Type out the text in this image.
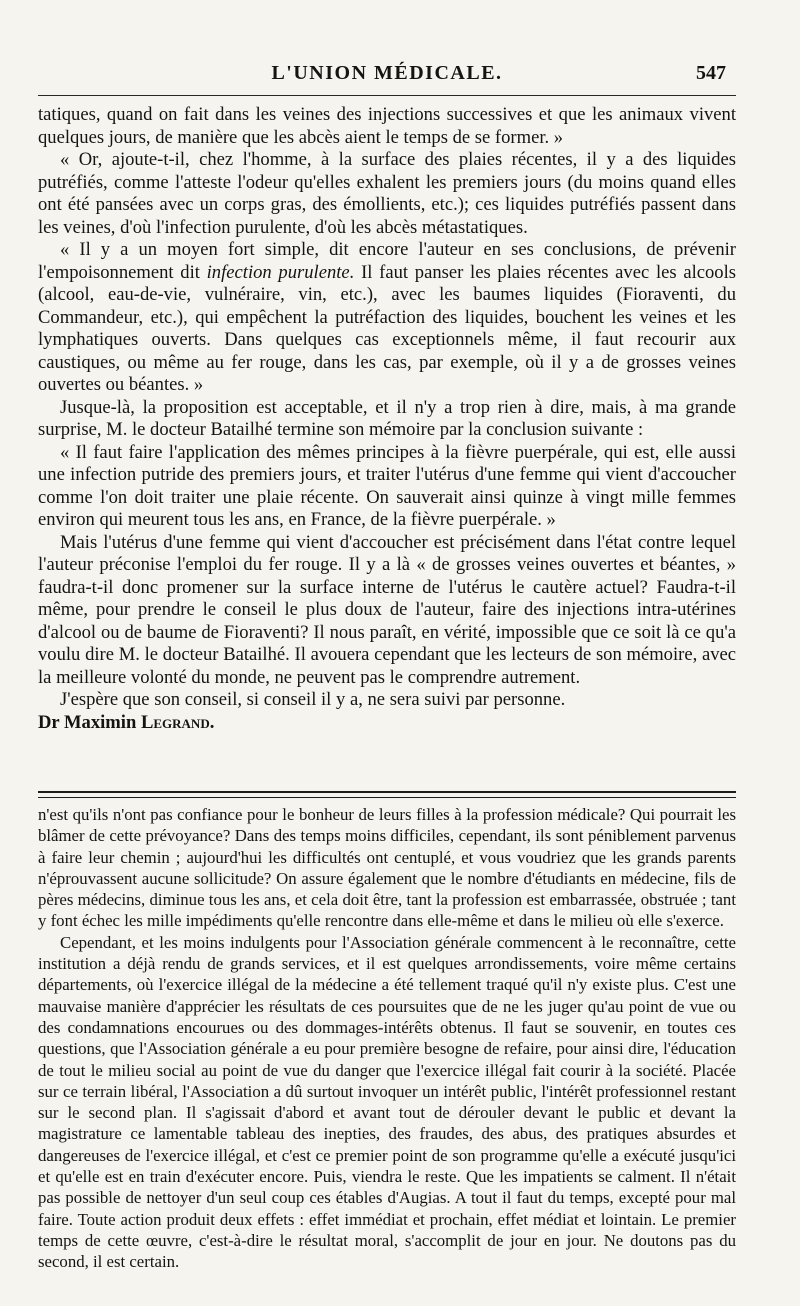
L'UNION MÉDICALE.	547

tatiques, quand on fait dans les veines des injections successives et que les animaux vivent quelques jours, de manière que les abcès aient le temps de se former. »

« Or, ajoute-t-il, chez l'homme, à la surface des plaies récentes, il y a des liquides putréfiés, comme l'atteste l'odeur qu'elles exhalent les premiers jours (du moins quand elles ont été pansées avec un corps gras, des émollients, etc.); ces liquides putréfiés passent dans les veines, d'où l'infection purulente, d'où les abcès métastatiques.

« Il y a un moyen fort simple, dit encore l'auteur en ses conclusions, de prévenir l'empoisonnement dit infection purulente. Il faut panser les plaies récentes avec les alcools (alcool, eau-de-vie, vulnéraire, vin, etc.), avec les baumes liquides (Fioraventi, du Commandeur, etc.), qui empêchent la putréfaction des liquides, bouchent les veines et les lymphatiques ouverts. Dans quelques cas exceptionnels même, il faut recourir aux caustiques, ou même au fer rouge, dans les cas, par exemple, où il y a de grosses veines ouvertes ou béantes. »

Jusque-là, la proposition est acceptable, et il n'y a trop rien à dire, mais, à ma grande surprise, M. le docteur Batailhé termine son mémoire par la conclusion suivante :

« Il faut faire l'application des mêmes principes à la fièvre puerpérale, qui est, elle aussi une infection putride des premiers jours, et traiter l'utérus d'une femme qui vient d'accoucher comme l'on doit traiter une plaie récente. On sauverait ainsi quinze à vingt mille femmes environ qui meurent tous les ans, en France, de la fièvre puerpérale. »

Mais l'utérus d'une femme qui vient d'accoucher est précisément dans l'état contre lequel l'auteur préconise l'emploi du fer rouge. Il y a là « de grosses veines ouvertes et béantes, » faudra-t-il donc promener sur la surface interne de l'utérus le cautère actuel? Faudra-t-il même, pour prendre le conseil le plus doux de l'auteur, faire des injections intra-utérines d'alcool ou de baume de Fioraventi? Il nous paraît, en vérité, impossible que ce soit là ce qu'a voulu dire M. le docteur Batailhé. Il avouera cependant que les lecteurs de son mémoire, avec la meilleure volonté du monde, ne peuvent pas le comprendre autrement.

J'espère que son conseil, si conseil il y a, ne sera suivi par personne.

Dr Maximin Legrand.

n'est qu'ils n'ont pas confiance pour le bonheur de leurs filles à la profession médicale? Qui pourrait les blâmer de cette prévoyance? Dans des temps moins difficiles, cependant, ils sont péniblement parvenus à faire leur chemin ; aujourd'hui les difficultés ont centuplé, et vous voudriez que les grands parents n'éprouvassent aucune sollicitude? On assure également que le nombre d'étudiants en médecine, fils de pères médecins, diminue tous les ans, et cela doit être, tant la profession est embarrassée, obstruée ; tant y font échec les mille impédiments qu'elle rencontre dans elle-même et dans le milieu où elle s'exerce.

Cependant, et les moins indulgents pour l'Association générale commencent à le reconnaître, cette institution a déjà rendu de grands services, et il est quelques arrondissements, voire même certains départements, où l'exercice illégal de la médecine a été tellement traqué qu'il n'y existe plus. C'est une mauvaise manière d'apprécier les résultats de ces poursuites que de ne les juger qu'au point de vue ou des condamnations encourues ou des dommages-intérêts obtenus. Il faut se souvenir, en toutes ces questions, que l'Association générale a eu pour première besogne de refaire, pour ainsi dire, l'éducation de tout le milieu social au point de vue du danger que l'exercice illégal fait courir à la société. Placée sur ce terrain libéral, l'Association a dû surtout invoquer un intérêt public, l'intérêt professionnel restant sur le second plan. Il s'agissait d'abord et avant tout de dérouler devant le public et devant la magistrature ce lamentable tableau des inepties, des fraudes, des abus, des pratiques absurdes et dangereuses de l'exercice illégal, et c'est ce premier point de son programme qu'elle a exécuté jusqu'ici et qu'elle est en train d'exécuter encore. Puis, viendra le reste. Que les impatients se calment. Il n'était pas possible de nettoyer d'un seul coup ces étables d'Augias. A tout il faut du temps, excepté pour mal faire. Toute action produit deux effets : effet immédiat et prochain, effet médiat et lointain. Le premier temps de cette œuvre, c'est-à-dire le résultat moral, s'accomplit de jour en jour. Ne doutons pas du second, il est certain.
